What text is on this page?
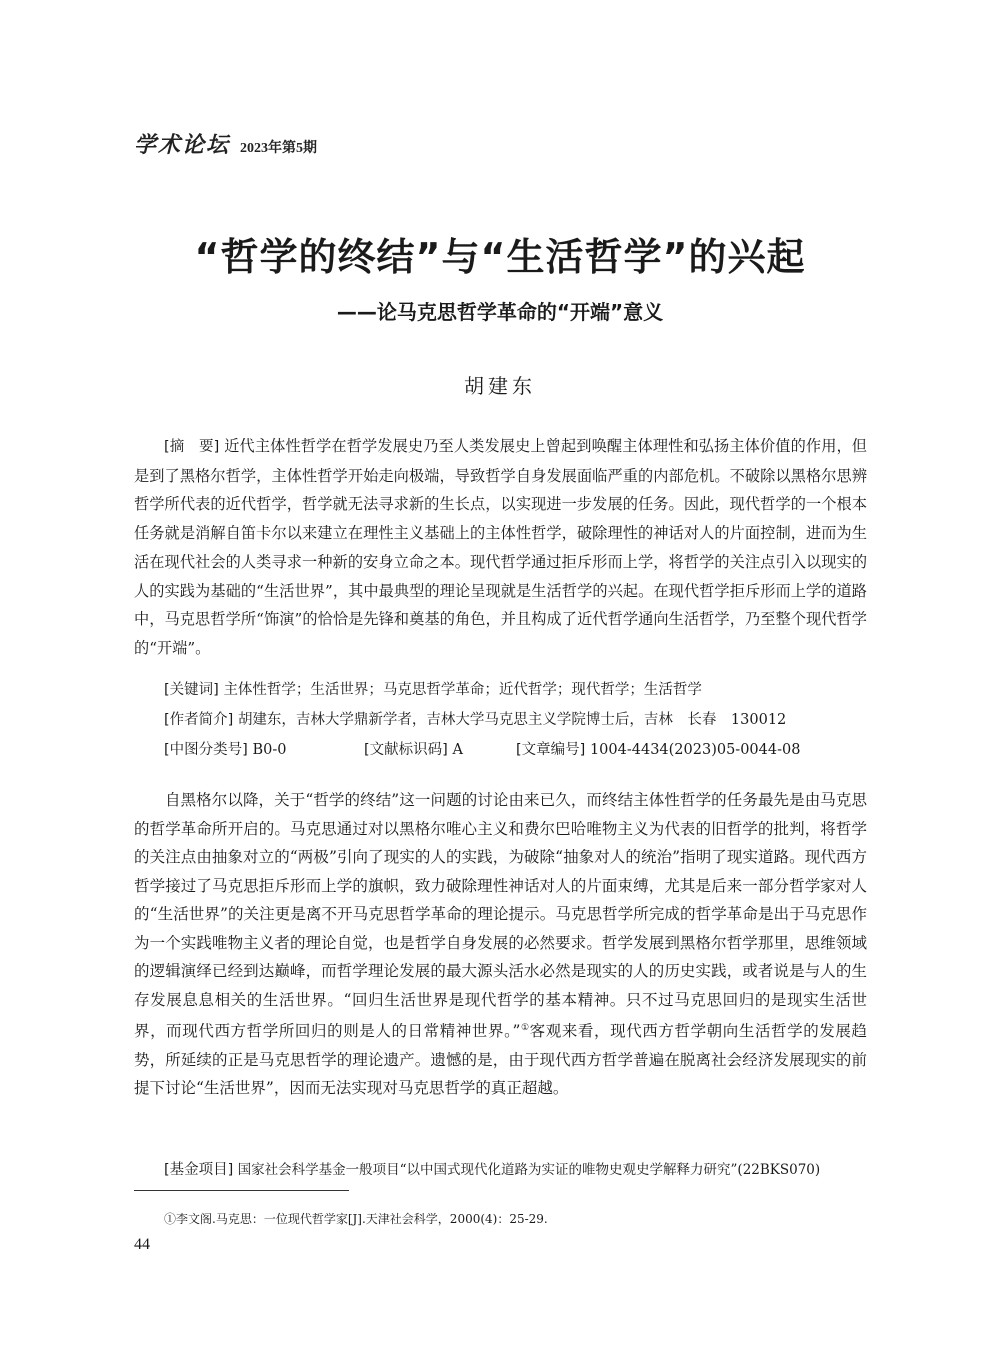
学术论坛 2023年第5期
“哲学的终结”与“生活哲学”的兴起
——论马克思哲学革命的“开端”意义
胡建东
[摘　要] 近代主体性哲学在哲学发展史乃至人类发展史上曾起到唤醒主体理性和弘扬主体价值的作用，但是到了黑格尔哲学，主体性哲学开始走向极端，导致哲学自身发展面临严重的内部危机。不破除以黑格尔思辨哲学所代表的近代哲学，哲学就无法寻求新的生长点，以实现进一步发展的任务。因此，现代哲学的一个根本任务就是消解自笛卡尔以来建立在理性主义基础上的主体性哲学，破除理性的神话对人的片面控制，进而为生活在现代社会的人类寻求一种新的安身立命之本。现代哲学通过拒斥形而上学，将哲学的关注点引入以现实的人的实践为基础的“生活世界”，其中最典型的理论呈现就是生活哲学的兴起。在现代哲学拒斥形而上学的道路中，马克思哲学所“饰演”的恰恰是先锋和奠基的角色，并且构成了近代哲学通向生活哲学，乃至整个现代哲学的“开端”。
[关键词] 主体性哲学；生活世界；马克思哲学革命；近代哲学；现代哲学；生活哲学
[作者简介] 胡建东，吉林大学鼎新学者，吉林大学马克思主义学院博士后，吉林　长春　130012
[中图分类号] B0-0	[文献标识码] A	[文章编号] 1004-4434(2023)05-0044-08

自黑格尔以降，关于“哲学的终结”这一问题的讨论由来已久，而终结主体性哲学的任务最先是由马克思的哲学革命所开启的。马克思通过对以黑格尔唯心主义和费尔巴哈唯物主义为代表的旧哲学的批判，将哲学的关注点由抽象对立的“两极”引向了现实的人的实践，为破除“抽象对人的统治”指明了现实道路。现代西方哲学接过了马克思拒斥形而上学的旗帜，致力破除理性神话对人的片面束缚，尤其是后来一部分哲学家对人的“生活世界”的关注更是离不开马克思哲学革命的理论提示。马克思哲学所完成的哲学革命是出于马克思作为一个实践唯物主义者的理论自觉，也是哲学自身发展的必然要求。哲学发展到黑格尔哲学那里，思维领域的逻辑演绎已经到达巅峰，而哲学理论发展的最大源头活水必然是现实的人的历史实践，或者说是与人的生存发展息息相关的生活世界。“回归生活世界是现代哲学的基本精神。只不过马克思回归的是现实生活世界，而现代西方哲学所回归的则是人的日常精神世界。”①客观来看，现代西方哲学朝向生活哲学的发展趋势，所延续的正是马克思哲学的理论遗产。遗憾的是，由于现代西方哲学普遍在脱离社会经济发展现实的前提下讨论“生活世界”，因而无法实现对马克思哲学的真正超越。

[基金项目] 国家社会科学基金一般项目“以中国式现代化道路为实证的唯物史观史学解释力研究”(22BKS070)
①李文阁.马克思：一位现代哲学家[J].天津社会科学，2000(4)：25-29.
44
